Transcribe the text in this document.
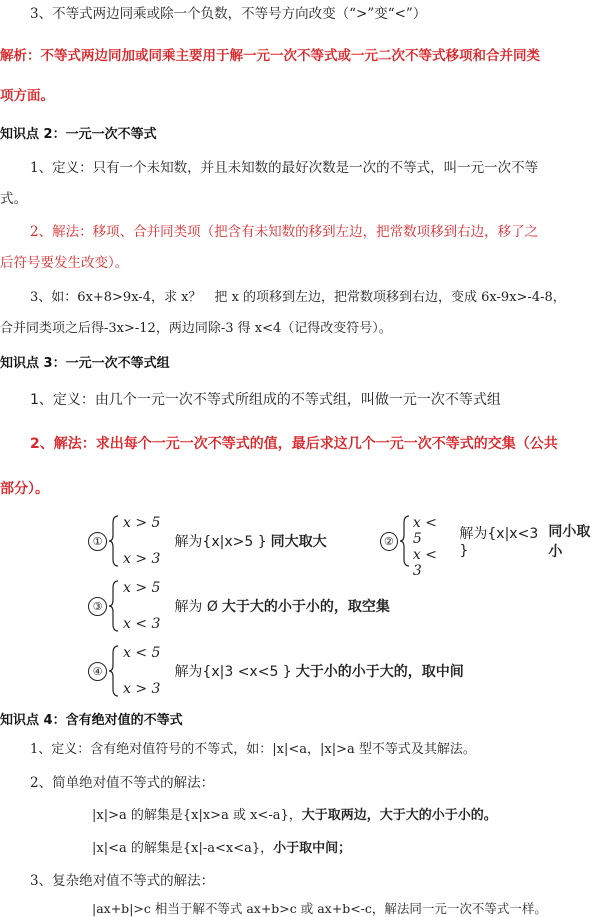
3、不等式两边同乘或除一个负数，不等号方向改变（“>”变“<”）
解析：不等式两边同加或同乘主要用于解一元一次不等式或一元二次不等式移项和合并同类
项方面。
知识点 2：一元一次不等式
1、定义：只有一个未知数，并且未知数的最好次数是一次的不等式，叫一元一次不等
式。
2、解法：移项、合并同类项（把含有未知数的移到左边，把常数项移到右边，移了之
后符号要发生改变）。
3、如：6x+8>9x-4，求 x？　把 x 的项移到左边，把常数项移到右边，变成 6x-9x>-4-8，
合并同类项之后得-3x>-12，两边同除-3 得 x<4（记得改变符号）。
知识点 3：一元一次不等式组
1、定义：由几个一元一次不等式所组成的不等式组，叫做一元一次不等式组
2、解法：求出每个一元一次不等式的值，最后求这几个一元一次不等式的交集（公共
部分）。
①
x > 5
x > 3
解为{x|x>5 } 同大取大	②
x < 5
x < 3
解为{x|x<3 }
同小取小
③
x > 5
x < 3
解为 Ø 大于大的小于小的，取空集
④
x < 5
x > 3
解为{x|3 <x<5 } 大于小的小于大的，取中间
知识点 4：含有绝对值的不等式
1、定义：含有绝对值符号的不等式，如：|x|<a，|x|>a 型不等式及其解法。
2、简单绝对值不等式的解法：
|x|>a 的解集是{x|x>a 或 x<-a}，大于取两边，大于大的小于小的。
|x|<a 的解集是{x|-a<x<a}，小于取中间；
3、复杂绝对值不等式的解法：
|ax+b|>c 相当于解不等式 ax+b>c 或 ax+b<-c，解法同一元一次不等式一样。
